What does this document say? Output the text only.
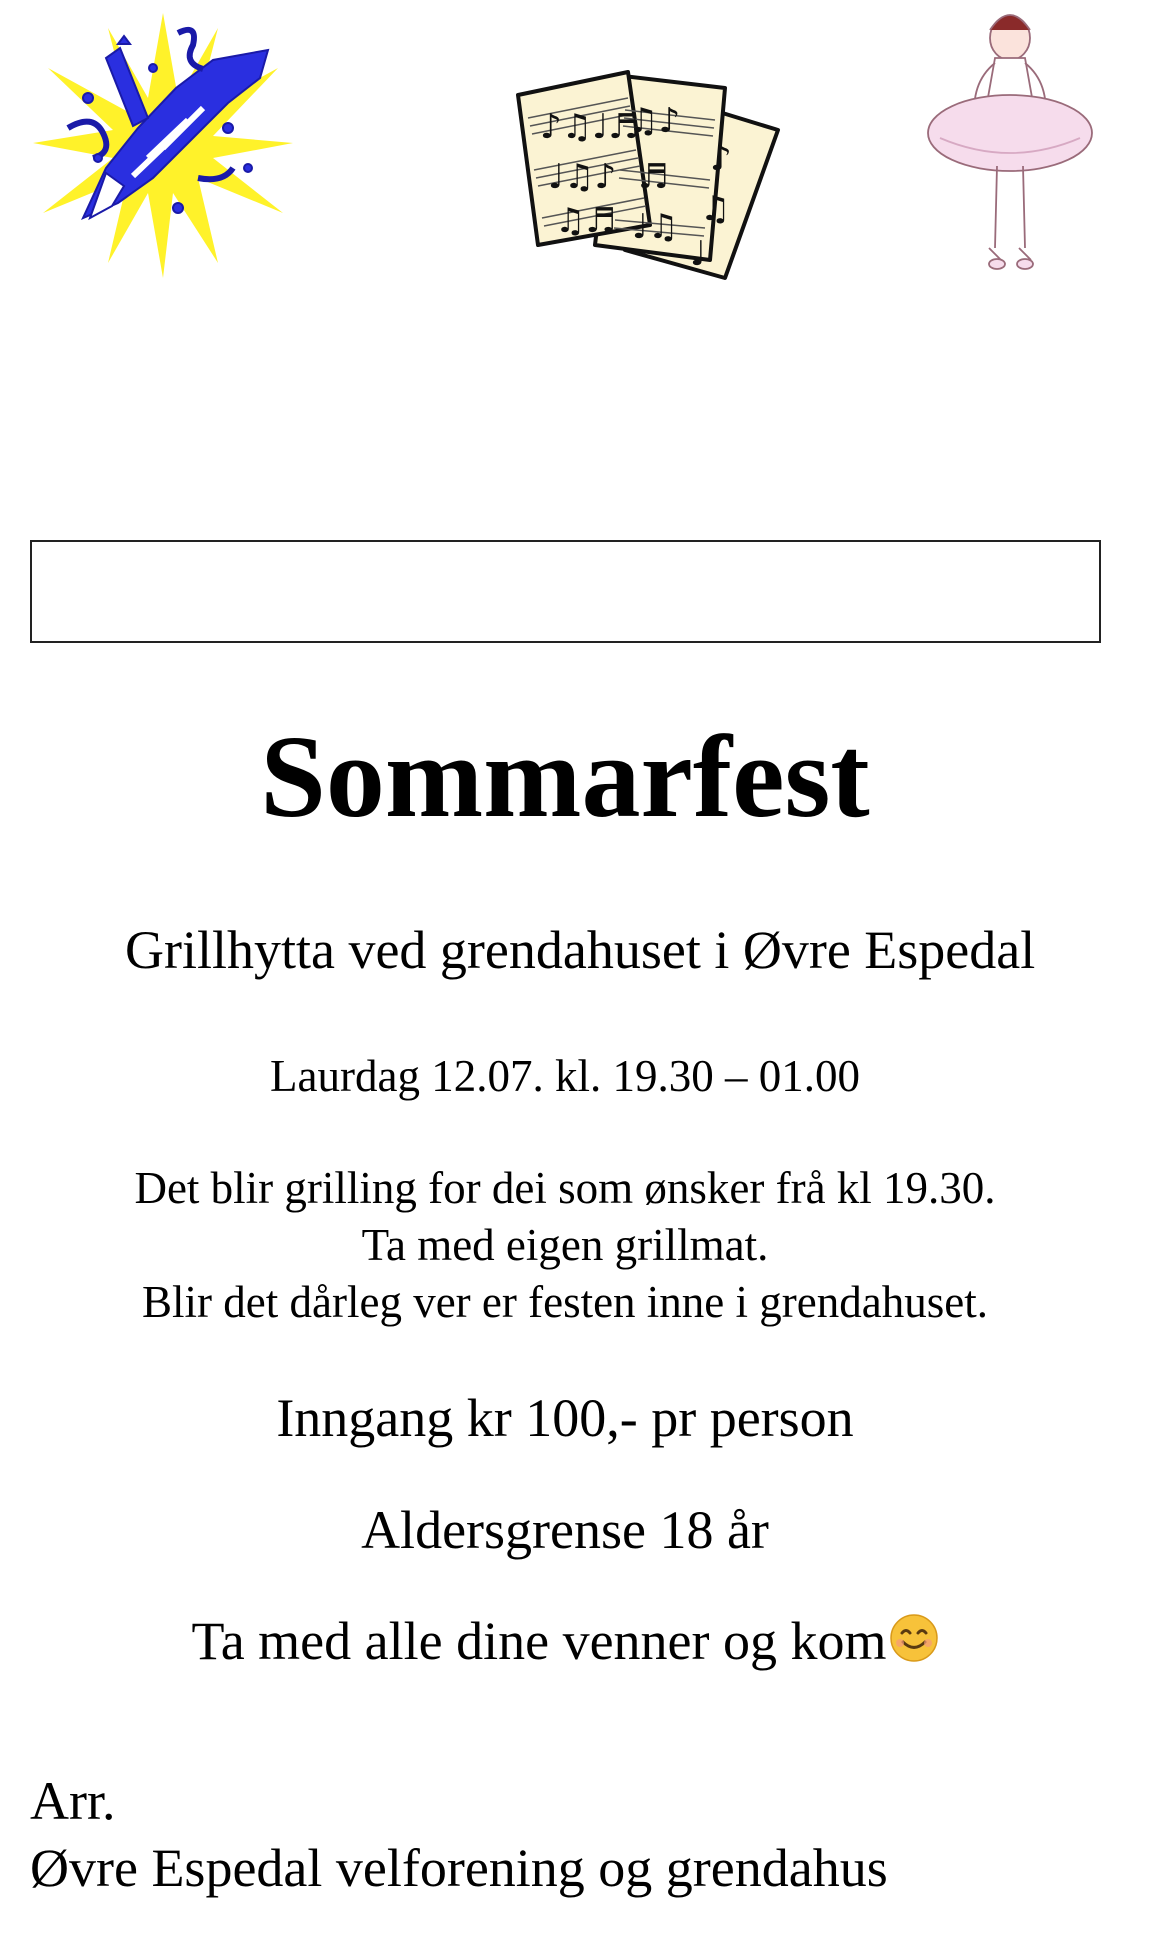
♪♫♩♬
♩♫♪
♫♬
♫♪
♬
♩♫
♪
♫
♩
Sommarfest
Grillhytta ved grendahuset i Øvre Espedal
Laurdag 12.07. kl. 19.30 – 01.00
Det blir grilling for dei som ønsker frå kl 19.30.
Ta med eigen grillmat.
Blir det dårleg ver er festen inne i grendahuset.
Inngang kr 100,- pr person
Aldersgrense 18 år
Ta med alle dine venner og kom
Arr.
Øvre Espedal velforening og grendahus
